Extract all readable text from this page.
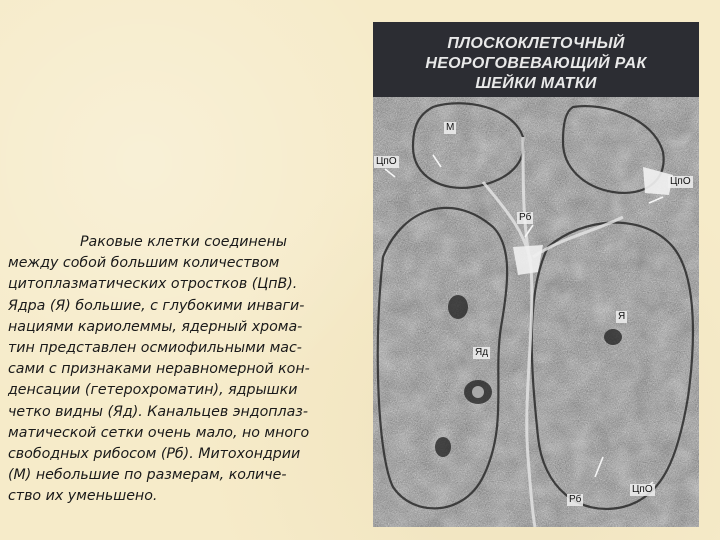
Раковые клетки соединены
между собой большим количеством
цитоплазматических отростков (ЦпВ).
Ядра (Я) большие, с глубокими инваги-
нациями кариолеммы, ядерный хрома-
тин представлен осмиофильными мас-
сами с признаками неравномерной кон-
денсации (гетерохроматин), ядрышки
четко видны (Яд). Канальцев эндоплаз-
матической сетки очень мало, но много
свободных рибосом (Рб). Митохондрии
(М) небольшие по размерам, количе-
ство их уменьшено.
ПЛОСКОКЛЕТОЧНЫЙ
НЕОРОГОВЕВАЮЩИЙ РАК
ШЕЙКИ МАТКИ
М
ЦпО
ЦпО
Рб
Я
Яд
Рб
ЦпО
